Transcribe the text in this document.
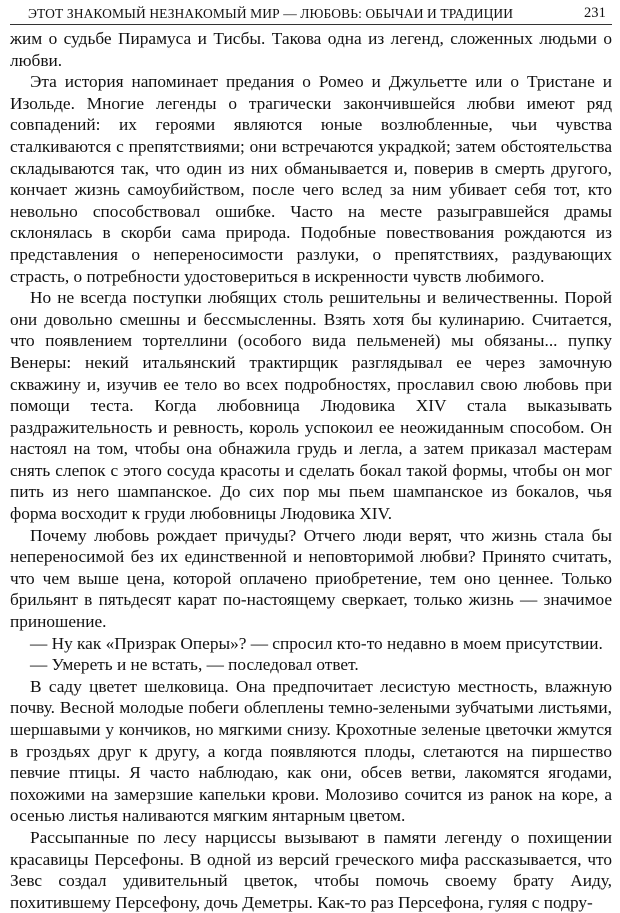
ЭТОТ ЗНАКОМЫЙ НЕЗНАКОМЫЙ МИР — ЛЮБОВЬ: ОБЫЧАИ И ТРАДИЦИИ	231

жим о судьбе Пирамуса и Тисбы. Такова одна из легенд, сложенных людьми о любви.

Эта история напоминает предания о Ромео и Джульетте или о Тристане и Изольде. Многие легенды о трагически закончившейся любви имеют ряд совпадений: их героями являются юные возлюбленные, чьи чувства сталкиваются с препятствиями; они встречаются украдкой; затем обстоятельства складываются так, что один из них обманывается и, поверив в смерть другого, кончает жизнь самоубийством, после чего вслед за ним убивает себя тот, кто невольно способствовал ошибке. Часто на месте разыгравшейся драмы склонялась в скорби сама природа. Подобные повествования рождаются из представления о непереносимости разлуки, о препятствиях, раздувающих страсть, о потребности удостовериться в искренности чувств любимого.

Но не всегда поступки любящих столь решительны и величественны. Порой они довольно смешны и бессмысленны. Взять хотя бы кулинарию. Считается, что появлением тортеллини (особого вида пельменей) мы обязаны... пупку Венеры: некий итальянский трактирщик разглядывал ее через замочную скважину и, изучив ее тело во всех подробностях, прославил свою любовь при помощи теста. Когда любовница Людовика XIV стала выказывать раздражительность и ревность, король успокоил ее неожиданным способом. Он настоял на том, чтобы она обнажила грудь и легла, а затем приказал мастерам снять слепок с этого сосуда красоты и сделать бокал такой формы, чтобы он мог пить из него шампанское. До сих пор мы пьем шампанское из бокалов, чья форма восходит к груди любовницы Людовика XIV.

Почему любовь рождает причуды? Отчего люди верят, что жизнь стала бы непереносимой без их единственной и неповторимой любви? Принято считать, что чем выше цена, которой оплачено приобретение, тем оно ценнее. Только брильянт в пятьдесят карат по-настоящему сверкает, только жизнь — значимое приношение.

— Ну как «Призрак Оперы»? — спросил кто-то недавно в моем присутствии.

— Умереть и не встать, — последовал ответ.

В саду цветет шелковица. Она предпочитает лесистую местность, влажную почву. Весной молодые побеги облеплены темно-зелеными зубчатыми листьями, шершавыми у кончиков, но мягкими снизу. Крохотные зеленые цветочки жмутся в гроздьях друг к другу, а когда появляются плоды, слетаются на пиршество певчие птицы. Я часто наблюдаю, как они, обсев ветви, лакомятся ягодами, похожими на замерзшие капельки крови. Молозиво сочится из ранок на коре, а осенью листья наливаются мягким янтарным цветом.

Рассыпанные по лесу нарциссы вызывают в памяти легенду о похищении красавицы Персефоны. В одной из версий греческого мифа рассказывается, что Зевс создал удивительный цветок, чтобы помочь своему брату Аиду, похитившему Персефону, дочь Деметры. Как-то раз Персефона, гуляя с подру-
